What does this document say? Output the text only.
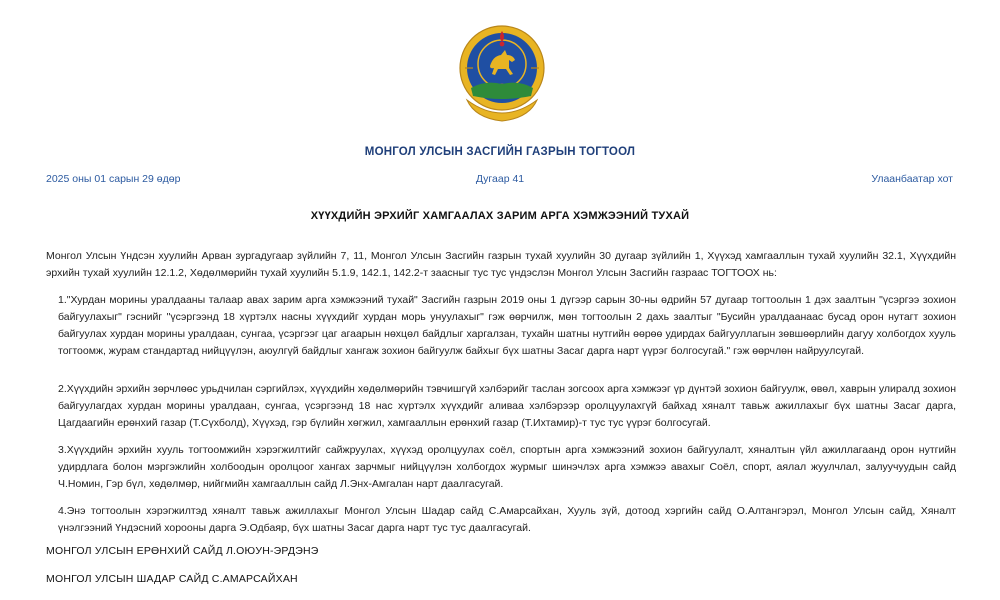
МОНГОЛ УЛСЫН ЗАСГИЙН ГАЗРЫН ТОГТООЛ
2025 оны 01 сарын 29 өдөр	Дугаар 41	Улаанбаатар хот
ХҮҮХДИЙН ЭРХИЙГ ХАМГААЛАХ ЗАРИМ АРГА ХЭМЖЭЭНИЙ ТУХАЙ
Монгол Улсын Үндсэн хуулийн Арван зургадугаар зүйлийн 7, 11, Монгол Улсын Засгийн газрын тухай хуулийн 30 дугаар зүйлийн 1, Хүүхэд хамгааллын тухай хуулийн 32.1, Хүүхдийн эрхийн тухай хуулийн 12.1.2, Хөдөлмөрийн тухай хуулийн 5.1.9, 142.1, 142.2-т заасныг тус тус үндэслэн Монгол Улсын Засгийн газраас ТОГТООХ нь:
1."Хурдан морины уралдааны талаар авах зарим арга хэмжээний тухай" Засгийн газрын 2019 оны 1 дүгээр сарын 30-ны өдрийн 57 дугаар тогтоолын 1 дэх заалтын "үсэргээ зохион байгуулахыг" гэснийг "үсэргээнд 18 хүртэлх насны хүүхдийг хурдан морь унуулахыг" гэж өөрчилж, мөн тогтоолын 2 дахь заалтыг "Бусийн уралдаанаас бусад орон нутагт зохион байгуулах хурдан морины уралдаан, сунгаа, үсэргээг цаг агаарын нөхцөл байдлыг харгалзан, тухайн шатны нутгийн өөрөө удирдах байгууллагын зөвшөөрлийн дагуу холбогдох хууль тогтоомж, журам стандартад нийцүүлэн, аюулгүй байдлыг хангаж зохион байгуулж байхыг бүх шатны Засаг дарга нарт үүрэг болгосугай." гэж өөрчлөн найруулсугай.
2.Хүүхдийн эрхийн зөрчлөөс урьдчилан сэргийлэх, хүүхдийн хөдөлмөрийн тэвчишгүй хэлбэрийг таслан зогсоох арга хэмжээг үр дүнтэй зохион байгуулж, өвөл, хаврын улиралд зохион байгуулагдах хурдан морины уралдаан, сунгаа, үсэргээнд 18 нас хүртэлх хүүхдийг аливаа хэлбэрээр оролцуулахгүй байхад хяналт тавьж ажиллахыг бүх шатны Засаг дарга, Цагдаагийн ерөнхий газар (Т.Сүхболд), Хүүхэд, гэр бүлийн хөгжил, хамгааллын ерөнхий газар (Т.Ихтамир)-т тус тус үүрэг болгосугай.
3.Хүүхдийн эрхийн хууль тогтоомжийн хэрэгжилтийг сайжруулах, хүүхэд оролцуулах соёл, спортын арга хэмжээний зохион байгуулалт, хяналтын үйл ажиллагаанд орон нутгийн удирдлага болон мэргэжлийн холбоодын оролцоог хангах зарчмыг нийцүүлэн холбогдох журмыг шинэчлэх арга хэмжээ авахыг Соёл, спорт, аялал жуулчлал, залуучуудын сайд Ч.Номин, Гэр бүл, хөдөлмөр, нийгмийн хамгааллын сайд Л.Энх-Амгалан нарт даалгасугай.
4.Энэ тогтоолын хэрэгжилтэд хяналт тавьж ажиллахыг Монгол Улсын Шадар сайд С.Амарсайхан, Хууль зүй, дотоод хэргийн сайд О.Алтангэрэл, Монгол Улсын сайд, Хяналт үнэлгээний Үндэсний хорооны дарга Э.Одбаяр, бүх шатны Засаг дарга нарт тус тус даалгасугай.
МОНГОЛ УЛСЫН ЕРӨНХИЙ САЙД Л.ОЮУН-ЭРДЭНЭ
МОНГОЛ УЛСЫН ШАДАР САЙД С.АМАРСАЙХАН
